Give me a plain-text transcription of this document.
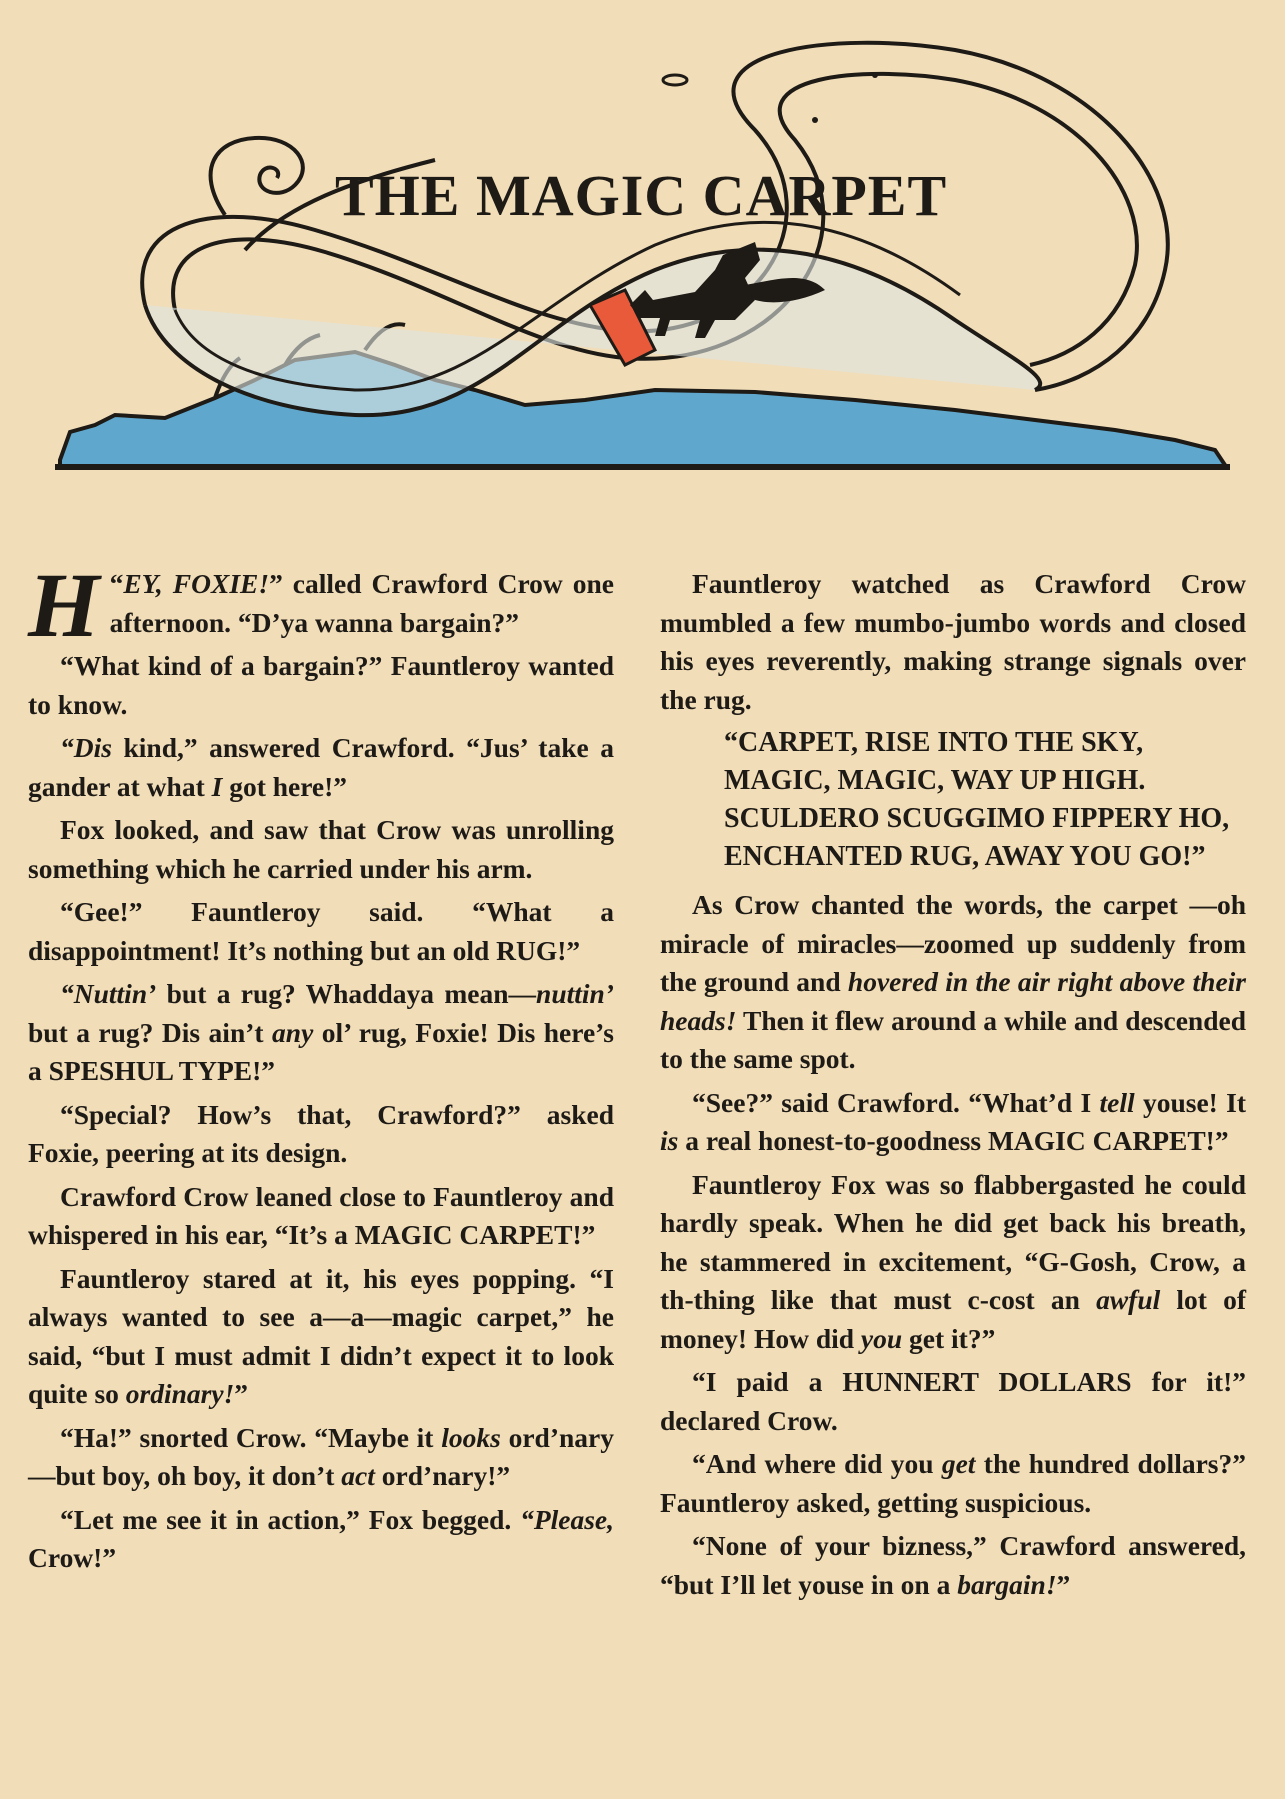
THE MAGIC CARPET

“
H EY, FOXIE!” called Crawford Crow one afternoon. “D’ya wanna bargain?”

“What kind of a bargain?” Fauntleroy wanted to know.

“Dis kind,” answered Crawford. “Jus’ take a gander at what I got here!”

Fox looked, and saw that Crow was unrolling something which he carried under his arm.

“Gee!” Fauntleroy said. “What a disappointment! It’s nothing but an old RUG!”

“Nuttin’ but a rug? Whaddaya mean—nuttin’ but a rug? Dis ain’t any ol’ rug, Foxie! Dis here’s a SPESHUL TYPE!”

“Special? How’s that, Crawford?” asked Foxie, peering at its design.

Crawford Crow leaned close to Fauntleroy and whispered in his ear, “It’s a MAGIC CARPET!”

Fauntleroy stared at it, his eyes popping. “I always wanted to see a—a—magic carpet,” he said, “but I must admit I didn’t expect it to look quite so ordinary!”

“Ha!” snorted Crow. “Maybe it looks ord’nary—but boy, oh boy, it don’t act ord’nary!”

“Let me see it in action,” Fox begged. “Please, Crow!”

Fauntleroy watched as Crawford Crow mumbled a few mumbo-jumbo words and closed his eyes reverently, making strange signals over the rug.

“CARPET, RISE INTO THE SKY,
MAGIC, MAGIC, WAY UP HIGH.
SCULDERO SCUGGIMO FIPPERY HO,
ENCHANTED RUG, AWAY YOU GO!”

As Crow chanted the words, the carpet —oh miracle of miracles—zoomed up suddenly from the ground and hovered in the air right above their heads! Then it flew around a while and descended to the same spot.

“See?” said Crawford. “What’d I tell youse! It is a real honest-to-goodness MAGIC CARPET!”

Fauntleroy Fox was so flabbergasted he could hardly speak. When he did get back his breath, he stammered in excitement, “G-Gosh, Crow, a th-thing like that must c-cost an awful lot of money! How did you get it?”

“I paid a HUNNERT DOLLARS for it!” declared Crow.

“And where did you get the hundred dollars?” Fauntleroy asked, getting suspicious.

“None of your bizness,” Crawford answered, “but I’ll let youse in on a bargain!”
